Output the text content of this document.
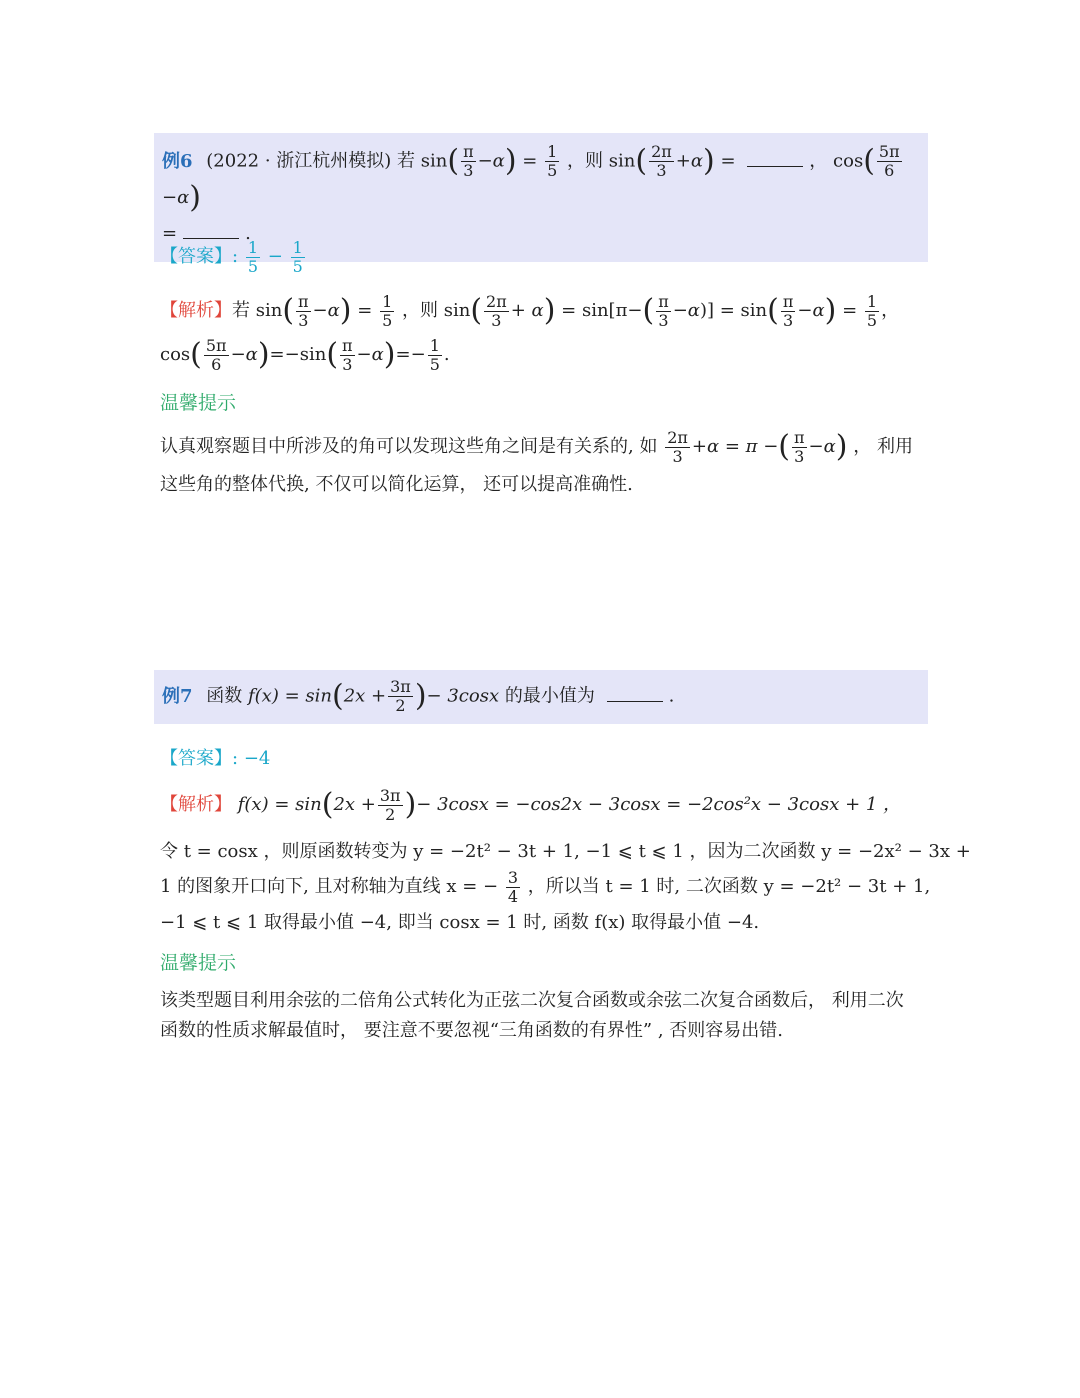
例6 (2022 · 浙江杭州模拟) 若 $\sin( \frac{\pi}{3} -\alpha) = \frac{1}{5}$ ，则 $\sin( \frac{2\pi}{3} +\alpha)$ =	， $\cos( \frac{5\pi}{6}$
−α)
=	.
【答案】: $\frac{1}{5} - \frac{1}{5}$
【解析】若 $\sin( \frac{\pi}{3} -\alpha) = \frac{1}{5}$ ，则 $\sin( \frac{2\pi}{3} + \alpha) = \sin[\pi-( \frac{\pi}{3} -\alpha)] = \sin( \frac{\pi}{3} -\alpha) = \frac{1}{5}$ ，
$\cos( \frac{5\pi}{6} -\alpha)=-\sin( \frac{\pi}{3} -\alpha)=- \frac{1}{5}$ .
温馨提示
认真观察题目中所涉及的角可以发现这些角之间是有关系的, 如 $\frac{2\pi}{3} +\alpha = \pi$ −( $\frac{\pi}{3} -\alpha$) ， 利用
这些角的整体代换, 不仅可以简化运算， 还可以提高准确性.
例7 函数 $f(x) = \sin(2x + \frac{3\pi}{2}$ )− 3cosx 的最小值为	.
【答案】: −4
【解析】 $f(x) = \sin(2x + \frac{3\pi}{2}$ )− 3cosx = −cos2x − 3cosx = −2cos²x − 3cosx + 1 ，
令 t = cosx ，则原函数转变为 y = −2t² − 3t + 1, −1 ⩽ t ⩽ 1 ，因为二次函数 y = −2x² − 3x +
1 的图象开口向下, 且对称轴为直线 x = − $\frac{3}{4}$ ，所以当 t = 1 时, 二次函数 y = −2t² − 3t + 1,
−1 ⩽ t ⩽ 1 取得最小值 −4, 即当 cosx = 1 时, 函数 f(x) 取得最小值 −4.
温馨提示
该类型题目利用余弦的二倍角公式转化为正弦二次复合函数或余弦二次复合函数后， 利用二次
函数的性质求解最值时， 要注意不要忽视“三角函数的有界性” , 否则容易出错.
